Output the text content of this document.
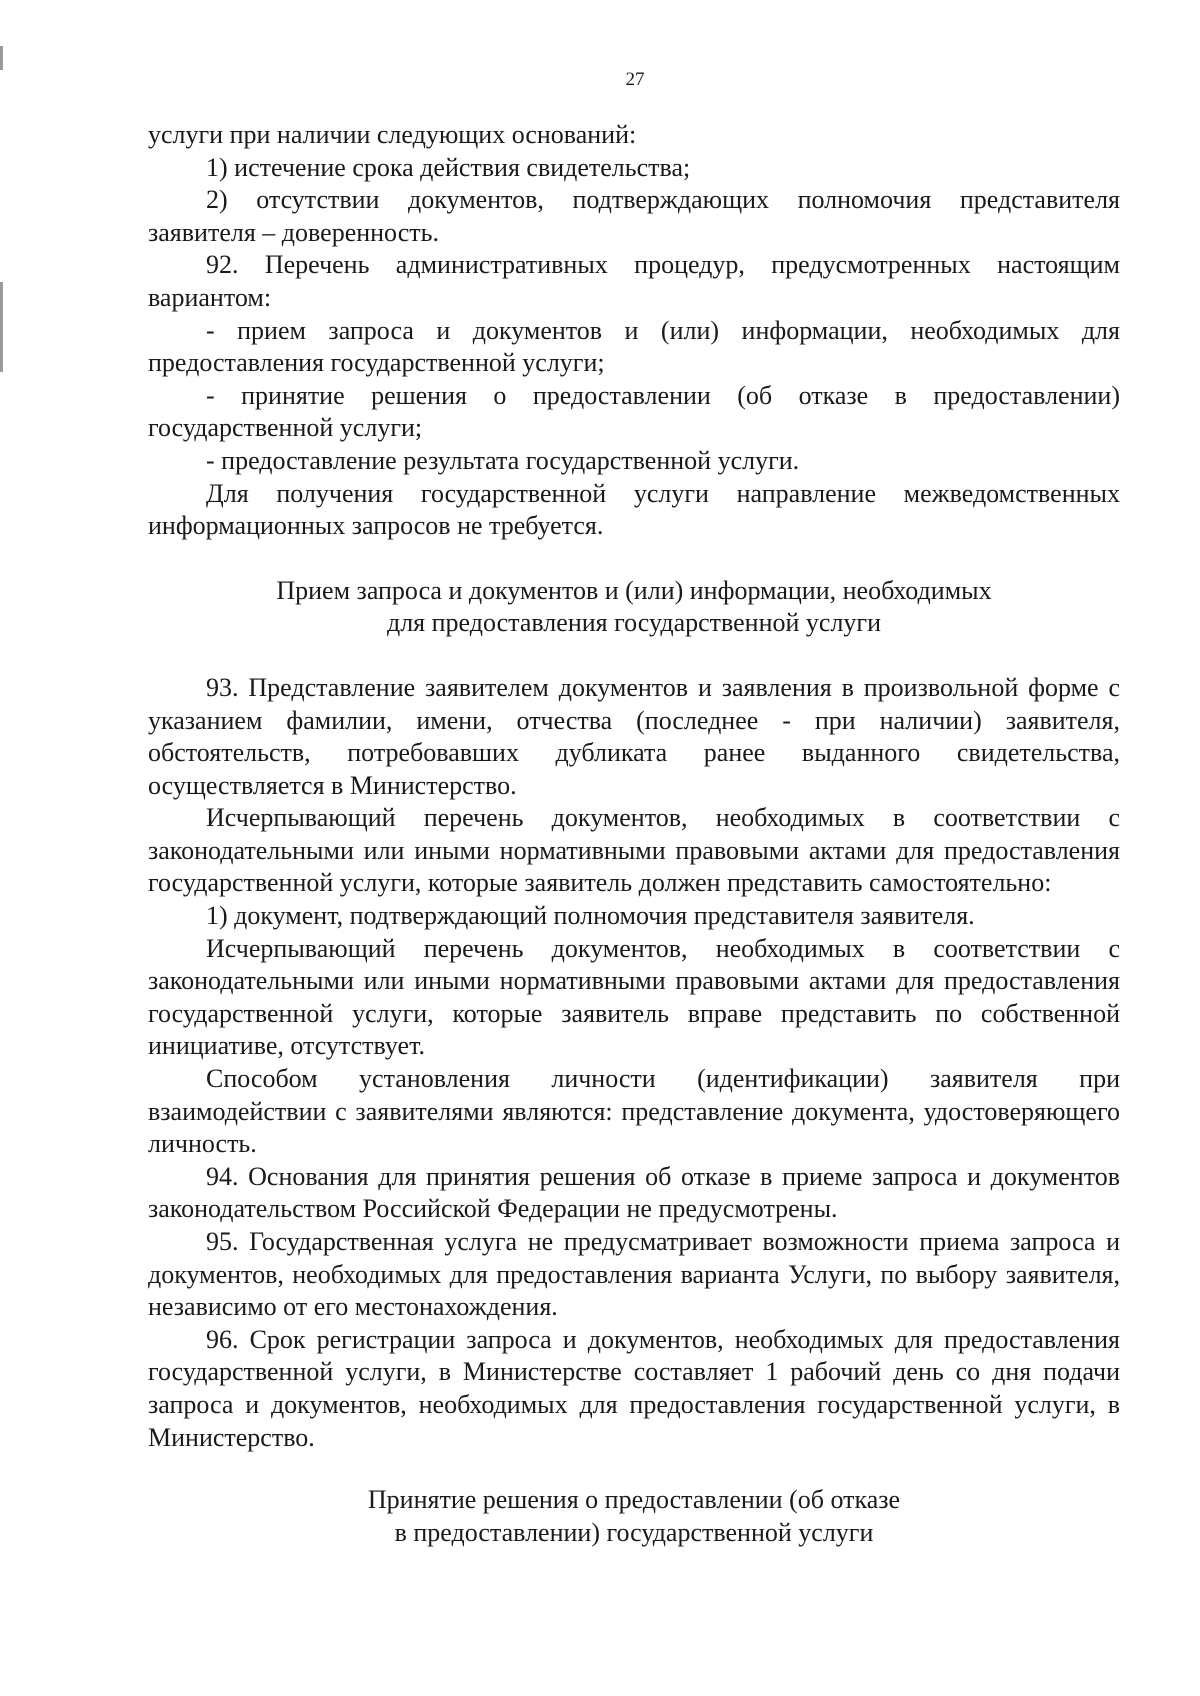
27

услуги при наличии следующих оснований:

1) истечение срока действия свидетельства;

2) отсутствии документов, подтверждающих полномочия представителя заявителя – доверенность.

92. Перечень административных процедур, предусмотренных настоящим вариантом:

- прием запроса и документов и (или) информации, необходимых для предоставления государственной услуги;

- принятие решения о предоставлении (об отказе в предоставлении) государственной услуги;

- предоставление результата государственной услуги.

Для получения государственной услуги направление межведомственных информационных запросов не требуется.

Прием запроса и документов и (или) информации, необходимых
для предоставления государственной услуги

93. Представление заявителем документов и заявления в произвольной форме с указанием фамилии, имени, отчества (последнее - при наличии) заявителя, обстоятельств, потребовавших дубликата ранее выданного свидетельства, осуществляется в Министерство.

Исчерпывающий перечень документов, необходимых в соответствии с законодательными или иными нормативными правовыми актами для предоставления государственной услуги, которые заявитель должен представить самостоятельно:

1) документ, подтверждающий полномочия представителя заявителя.

Исчерпывающий перечень документов, необходимых в соответствии с законодательными или иными нормативными правовыми актами для предоставления государственной услуги, которые заявитель вправе представить по собственной инициативе, отсутствует.

Способом установления личности (идентификации) заявителя при взаимодействии с заявителями являются: представление документа, удостоверяющего личность.

94. Основания для принятия решения об отказе в приеме запроса и документов законодательством Российской Федерации не предусмотрены.

95. Государственная услуга не предусматривает возможности приема запроса и документов, необходимых для предоставления варианта Услуги, по выбору заявителя, независимо от его местонахождения.

96. Срок регистрации запроса и документов, необходимых для предоставления государственной услуги, в Министерстве составляет 1 рабочий день со дня подачи запроса и документов, необходимых для предоставления государственной услуги, в Министерство.

Принятие решения о предоставлении (об отказе
в предоставлении) государственной услуги
